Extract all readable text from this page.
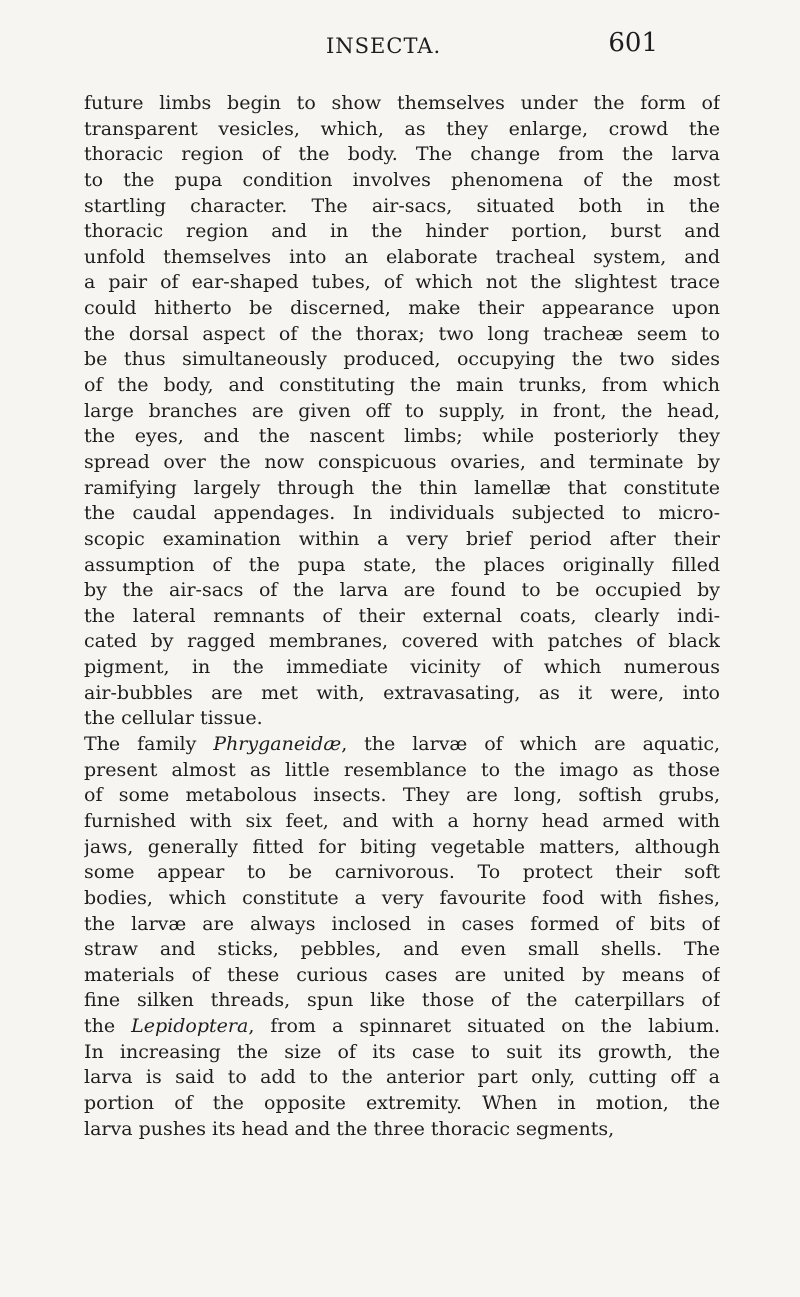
INSECTA.	601
future limbs begin to show themselves under the form of
transparent vesicles, which, as they enlarge, crowd the
thoracic region of the body. The change from the larva
to the pupa condition involves phenomena of the most
startling character. The air-sacs, situated both in the
thoracic region and in the hinder portion, burst and
unfold themselves into an elaborate tracheal system, and
a pair of ear-shaped tubes, of which not the slightest trace
could hitherto be discerned, make their appearance upon
the dorsal aspect of the thorax; two long tracheæ seem to
be thus simultaneously produced, occupying the two sides
of the body, and constituting the main trunks, from which
large branches are given off to supply, in front, the head,
the eyes, and the nascent limbs; while posteriorly they
spread over the now conspicuous ovaries, and terminate by
ramifying largely through the thin lamellæ that constitute
the caudal appendages. In individuals subjected to micro-
scopic examination within a very brief period after their
assumption of the pupa state, the places originally filled
by the air-sacs of the larva are found to be occupied by
the lateral remnants of their external coats, clearly indi-
cated by ragged membranes, covered with patches of black
pigment, in the immediate vicinity of which numerous
air-bubbles are met with, extravasating, as it were, into
the cellular tissue.
The family Phryganeidæ, the larvæ of which are aquatic,
present almost as little resemblance to the imago as those
of some metabolous insects. They are long, softish grubs,
furnished with six feet, and with a horny head armed with
jaws, generally fitted for biting vegetable matters, although
some appear to be carnivorous. To protect their soft
bodies, which constitute a very favourite food with fishes,
the larvæ are always inclosed in cases formed of bits of
straw and sticks, pebbles, and even small shells. The
materials of these curious cases are united by means of
fine silken threads, spun like those of the caterpillars of
the Lepidoptera, from a spinnaret situated on the labium.
In increasing the size of its case to suit its growth, the
larva is said to add to the anterior part only, cutting off a
portion of the opposite extremity. When in motion, the
larva pushes its head and the three thoracic segments,
